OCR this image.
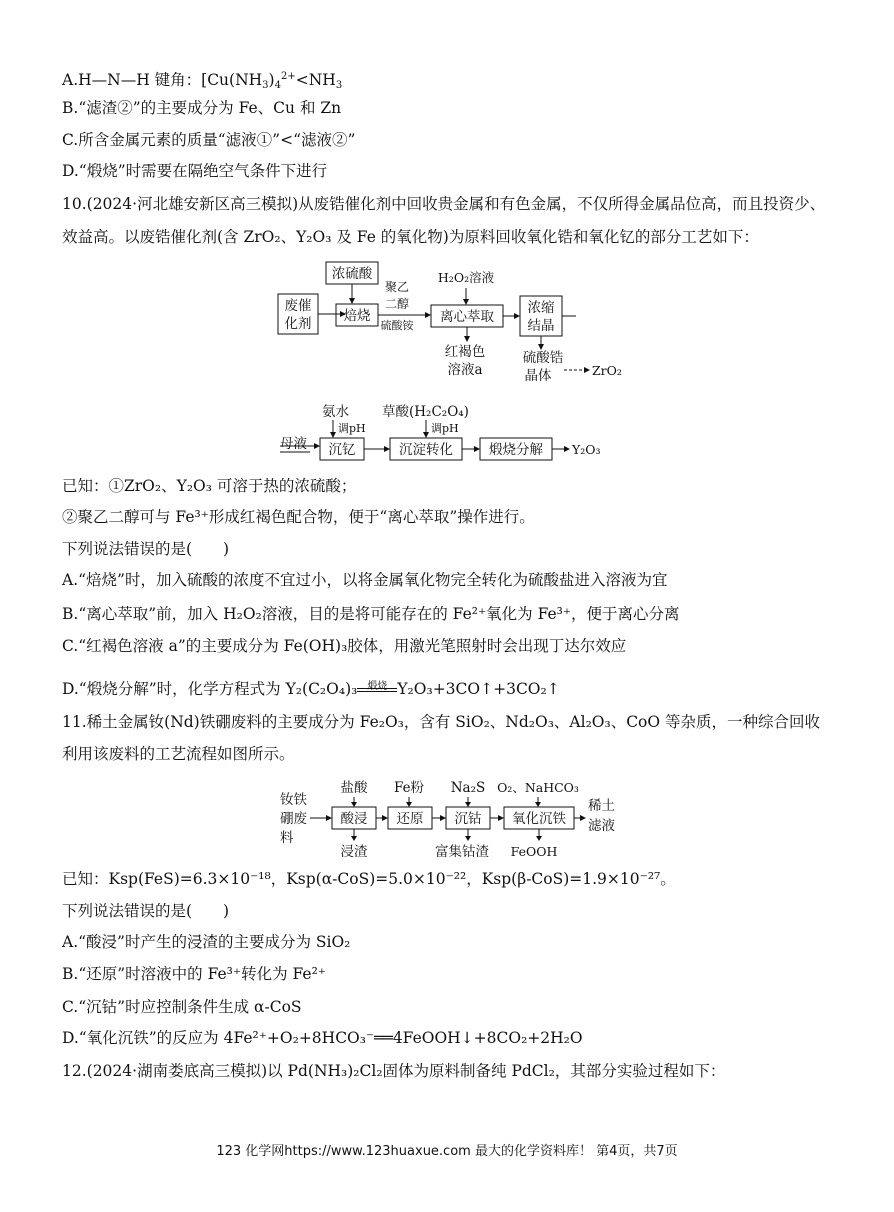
A.H—N—H 键角：[$Cu(NH_3)_4^{2+}<NH_3$
B.“滤渣②”的主要成分为 Fe、Cu 和 Zn
C.所含金属元素的质量“滤液①”<“滤液②”
D.“煅烧”时需要在隔绝空气条件下进行
10.(2024·河北雄安新区高三模拟)从废锆催化剂中回收贵金属和有色金属，不仅所得金属品位高，而且投资少、
效益高。以废锆催化剂(含 ZrO₂、Y₂O₃ 及 Fe 的氧化物)为原料回收氧化锆和氧化钇的部分工艺如下：
废催
化剂
浓硫酸
焙烧
聚乙
二醇
硫酸铵
H₂O₂溶液
离心萃取
红褐色
溶液a
浓缩
结晶
硫酸锆
晶体	ZrO₂
母液
氨水
调pH
沉钇
草酸(H₂C₂O₄)
调pH
沉淀转化	煅烧分解 Y₂O₃
已知：①ZrO₂、Y₂O₃ 可溶于热的浓硫酸；
②聚乙二醇可与 Fe³⁺形成红褐色配合物，便于“离心萃取”操作进行。
下列说法错误的是(　　)
A.“焙烧”时，加入硫酸的浓度不宜过小，以将金属氧化物完全转化为硫酸盐进入溶液为宜
B.“离心萃取”前，加入 H₂O₂溶液，目的是将可能存在的 Fe²⁺氧化为 Fe³⁺，便于离心分离
C.“红褐色溶液 a”的主要成分为 Fe(OH)₃胶体，用激光笔照射时会出现丁达尔效应
D.“煅烧分解”时，化学方程式为 Y₂(C₂O₄)₃	煅烧 Y₂O₃+3CO↑+3CO₂↑
11.稀土金属钕(Nd)铁硼废料的主要成分为 Fe₂O₃，含有 SiO₂、Nd₂O₃、Al₂O₃、CoO 等杂质，一种综合回收
利用该废料的工艺流程如图所示。
钕铁
硼废
料
盐酸
酸浸
浸渣
Fe粉
还原
Na₂S
沉钴
富集钴渣
O₂、NaHCO₃
氧化沉铁
FeOOH
稀土
滤液
已知：Ksp(FeS)=6.3×10⁻¹⁸，Ksp(α-CoS)=5.0×10⁻²²，Ksp(β-CoS)=1.9×10⁻²⁷。
下列说法错误的是(　　)
A.“酸浸”时产生的浸渣的主要成分为 SiO₂
B.“还原”时溶液中的 Fe³⁺转化为 Fe²⁺
C.“沉钴”时应控制条件生成 α-CoS
D.“氧化沉铁”的反应为 4Fe²⁺+O₂+8HCO₃⁻══4FeOOH↓+8CO₂+2H₂O
12.(2024·湖南娄底高三模拟)以 Pd(NH₃)₂Cl₂固体为原料制备纯 PdCl₂，其部分实验过程如下：
123 化学网https://www.123huaxue.com 最大的化学资料库！ 第4页，共7页
